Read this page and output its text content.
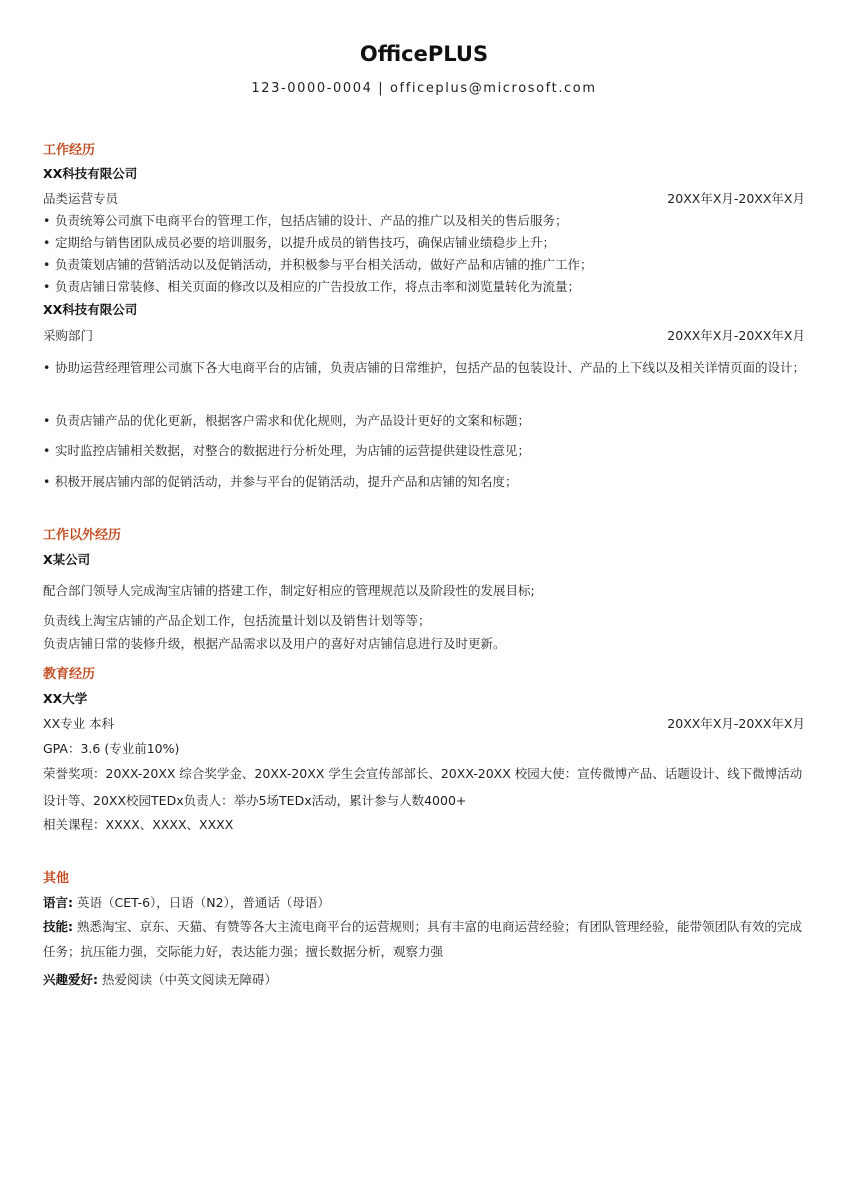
OfficePLUS
123-0000-0004 | officeplus@microsoft.com
工作经历
XX科技有限公司
品类运营专员	20XX年X月-20XX年X月
• 负责统筹公司旗下电商平台的管理工作，包括店铺的设计、产品的推广以及相关的售后服务；
• 定期给与销售团队成员必要的培训服务，以提升成员的销售技巧，确保店铺业绩稳步上升；
• 负责策划店铺的营销活动以及促销活动，并积极参与平台相关活动，做好产品和店铺的推广工作；
• 负责店铺日常装修、相关页面的修改以及相应的广告投放工作，将点击率和浏览量转化为流量；
XX科技有限公司
采购部门	20XX年X月-20XX年X月
• 协助运营经理管理公司旗下各大电商平台的店铺，负责店铺的日常维护，包括产品的包装设计、产品的上下线以及相关详情页面的设计；
• 负责店铺产品的优化更新，根据客户需求和优化规则，为产品设计更好的文案和标题；
• 实时监控店铺相关数据，对整合的数据进行分析处理，为店铺的运营提供建设性意见；
• 积极开展店铺内部的促销活动，并参与平台的促销活动，提升产品和店铺的知名度；
工作以外经历
X某公司
配合部门领导人完成淘宝店铺的搭建工作，制定好相应的管理规范以及阶段性的发展目标;
负责线上淘宝店铺的产品企划工作，包括流量计划以及销售计划等等；
负责店铺日常的装修升级，根据产品需求以及用户的喜好对店铺信息进行及时更新。
教育经历
XX大学
XX专业 本科	20XX年X月-20XX年X月
GPA：3.6 (专业前10%)
荣誉奖项：20XX-20XX 综合奖学金、20XX-20XX 学生会宣传部部长、20XX-20XX 校园大使：宣传微博产品、话题设计、线下微博活动设计等、20XX校园TEDx负责人：举办5场TEDx活动，累计参与人数4000+
相关课程：XXXX、XXXX、XXXX
其他
语言: 英语（CET-6），日语（N2），普通话（母语）
技能: 熟悉淘宝、京东、天猫、有赞等各大主流电商平台的运营规则；具有丰富的电商运营经验；有团队管理经验，能带领团队有效的完成任务；抗压能力强，交际能力好，表达能力强；擅长数据分析，观察力强
兴趣爱好: 热爱阅读（中英文阅读无障碍）
